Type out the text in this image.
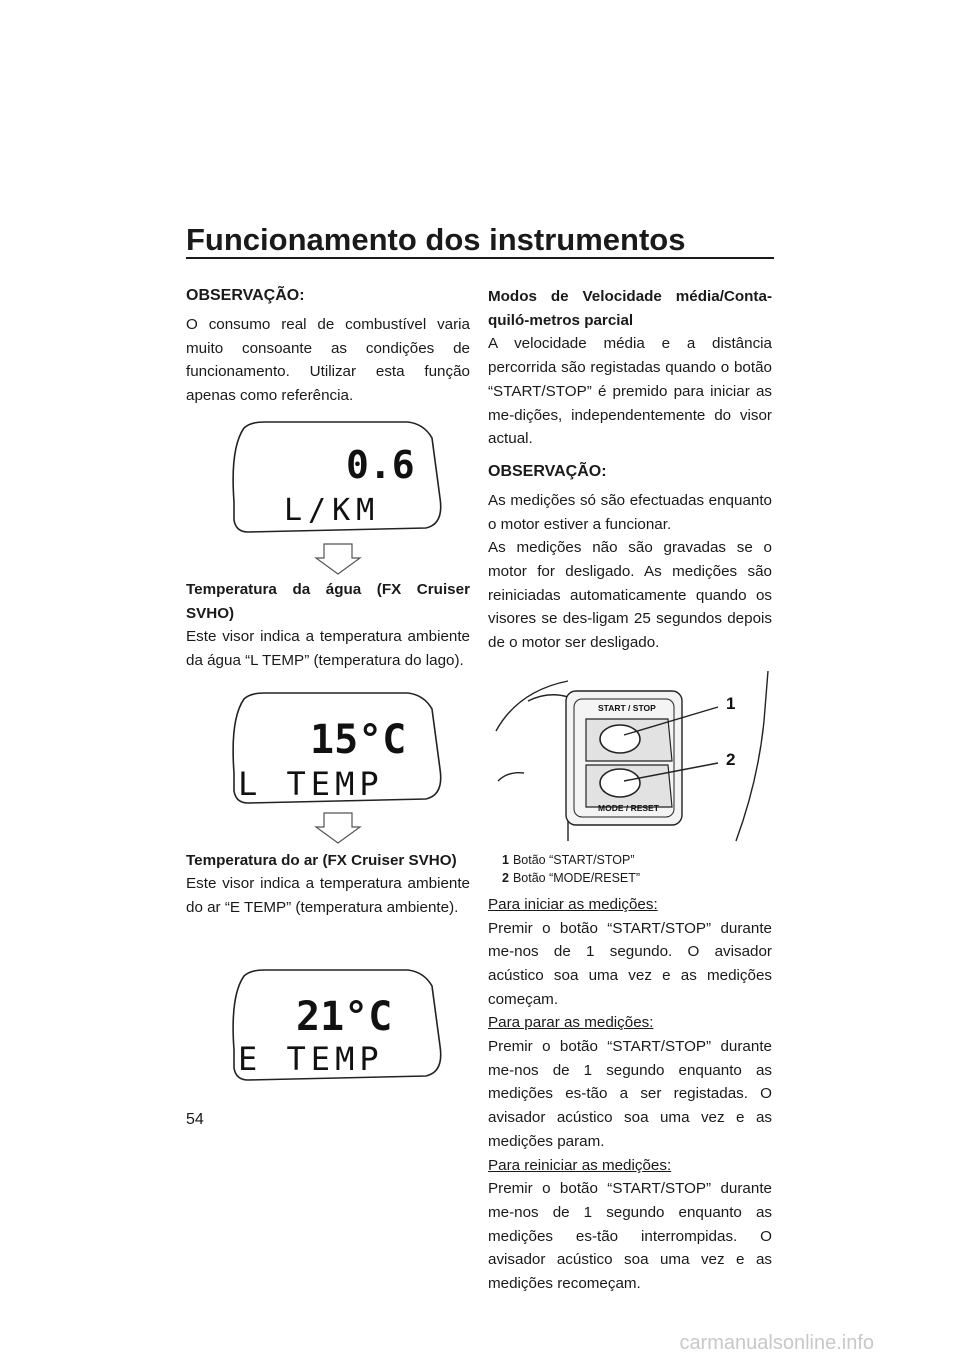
Funcionamento dos instrumentos
54
OBSERVAÇÃO:

O consumo real de combustível varia muito consoante as condições de funcionamento. Utilizar esta função apenas como referência.

0.6
L/KM

Temperatura da água (FX Cruiser SVHO)

Este visor indica a temperatura ambiente da água “L TEMP” (temperatura do lago).

15°C
L TEMP

Temperatura do ar (FX Cruiser SVHO)

Este visor indica a temperatura ambiente do ar “E TEMP” (temperatura ambiente).

21°C
E TEMP

Modos de Velocidade média/Conta-quiló-metros parcial

A velocidade média e a distância percorrida são registadas quando o botão “START/STOP” é premido para iniciar as me-dições, independentemente do visor actual.

OBSERVAÇÃO:

As medições só são efectuadas enquanto o motor estiver a funcionar.

As medições não são gravadas se o motor for desligado. As medições são reiniciadas automaticamente quando os visores se des-ligam 25 segundos depois de o motor ser desligado.

START / STOP
MODE / RESET
1
2
1 Botão “START/STOP”
2 Botão “MODE/RESET”

Para iniciar as medições:

Premir o botão “START/STOP” durante me-nos de 1 segundo. O avisador acústico soa uma vez e as medições começam.

Para parar as medições:

Premir o botão “START/STOP” durante me-nos de 1 segundo enquanto as medições es-tão a ser registadas. O avisador acústico soa uma vez e as medições param.

Para reiniciar as medições:

Premir o botão “START/STOP” durante me-nos de 1 segundo enquanto as medições es-tão interrompidas. O avisador acústico soa uma vez e as medições recomeçam.

carmanualsonline.info
